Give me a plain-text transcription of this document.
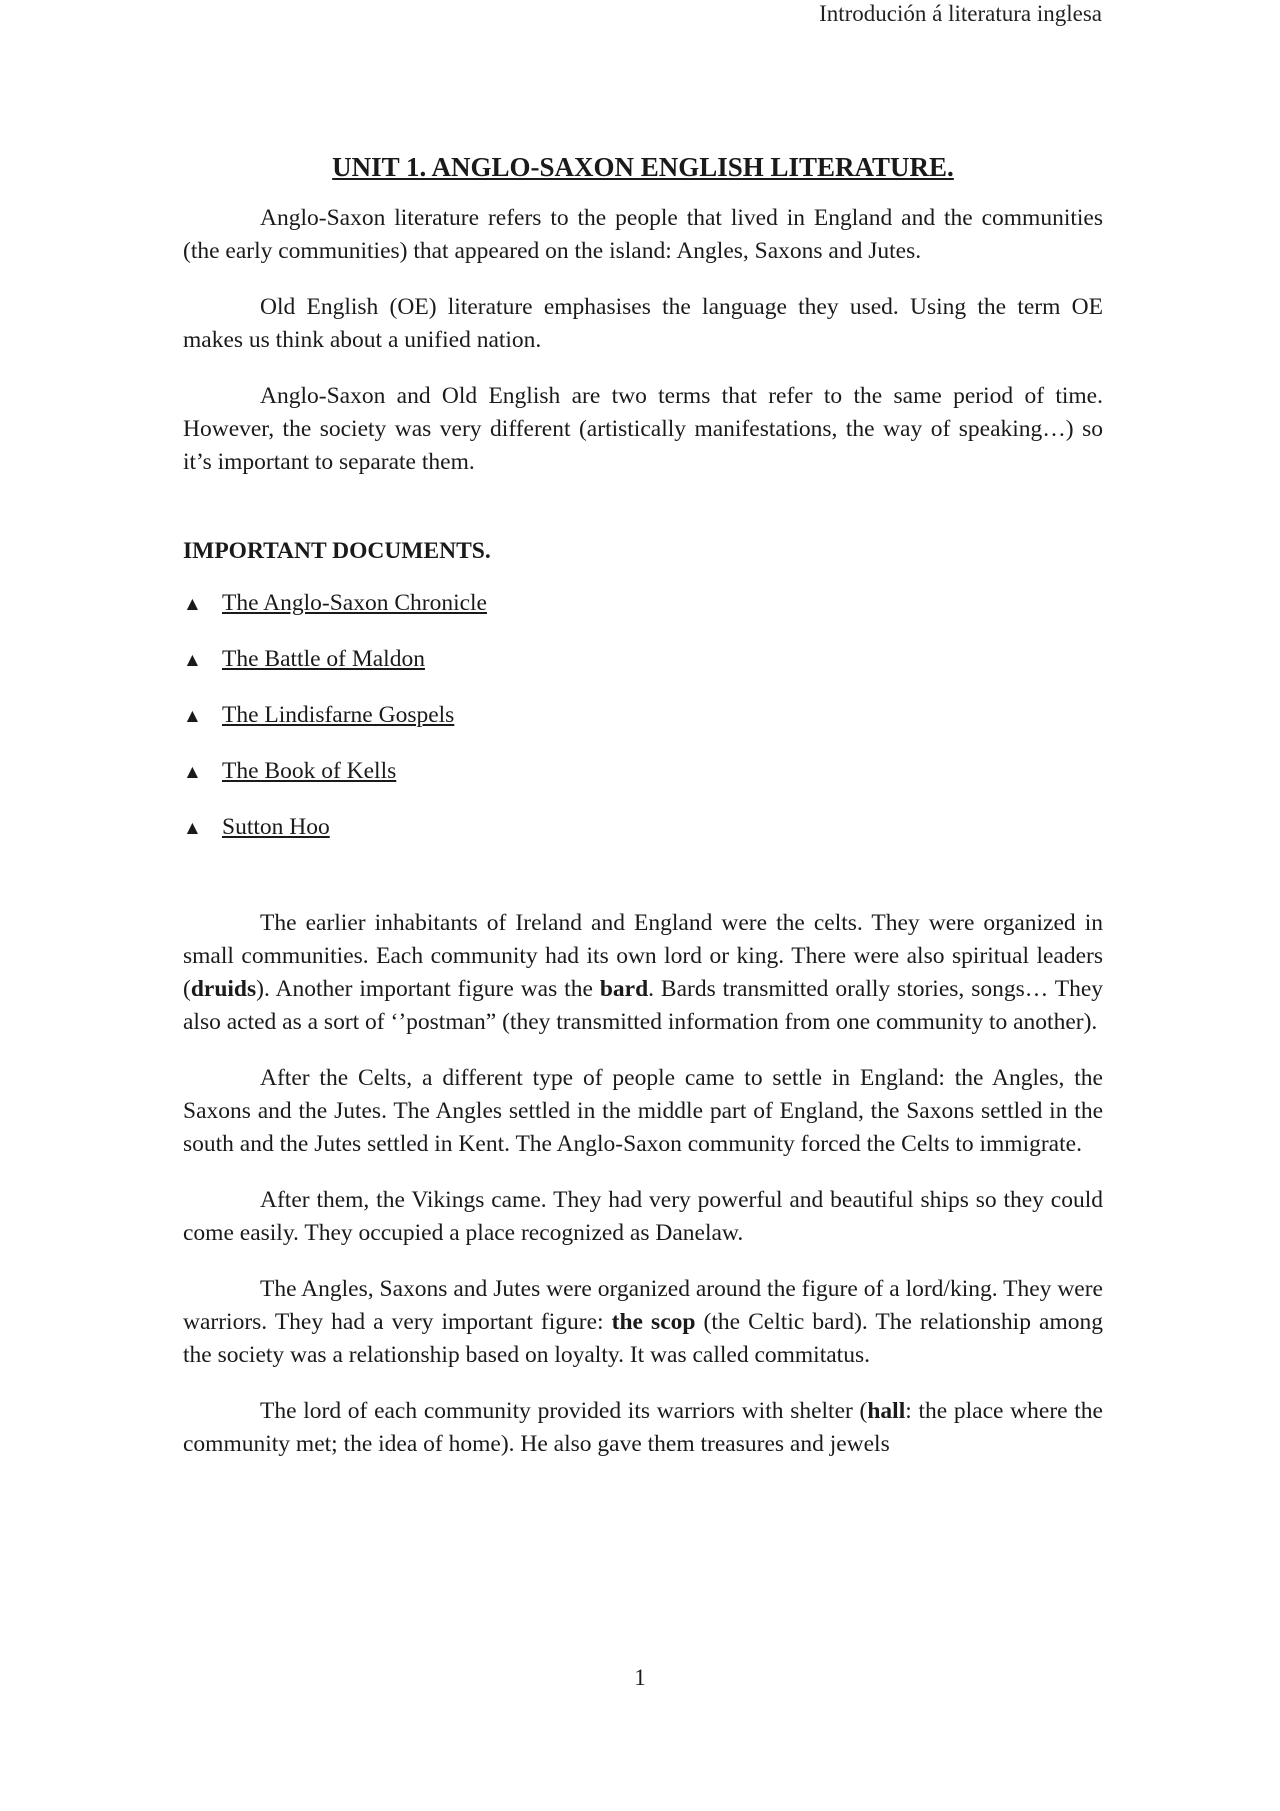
Introdución á literatura inglesa
UNIT 1. ANGLO-SAXON ENGLISH LITERATURE.

Anglo-Saxon literature refers to the people that lived in England and the communities (the early communities) that appeared on the island: Angles, Saxons and Jutes.

Old English (OE) literature emphasises the language they used. Using the term OE makes us think about a unified nation.

Anglo-Saxon and Old English are two terms that refer to the same period of time. However, the society was very different (artistically manifestations, the way of speaking…) so it’s important to separate them.

IMPORTANT DOCUMENTS.
▲ The Anglo-Saxon Chronicle
▲ The Battle of Maldon
▲ The Lindisfarne Gospels
▲ The Book of Kells
▲ Sutton Hoo

The earlier inhabitants of Ireland and England were the celts. They were organized in small communities. Each community had its own lord or king. There were also spiritual leaders (druids). Another important figure was the bard. Bards transmitted orally stories, songs… They also acted as a sort of ‘’postman” (they transmitted information from one community to another).

After the Celts, a different type of people came to settle in England: the Angles, the Saxons and the Jutes. The Angles settled in the middle part of England, the Saxons settled in the south and the Jutes settled in Kent. The Anglo-Saxon community forced the Celts to immigrate.

After them, the Vikings came. They had very powerful and beautiful ships so they could come easily. They occupied a place recognized as Danelaw.

The Angles, Saxons and Jutes were organized around the figure of a lord/king. They were warriors. They had a very important figure: the scop (the Celtic bard). The relationship among the society was a relationship based on loyalty. It was called commitatus.

The lord of each community provided its warriors with shelter (hall: the place where the community met; the idea of home). He also gave them treasures and jewels

1
